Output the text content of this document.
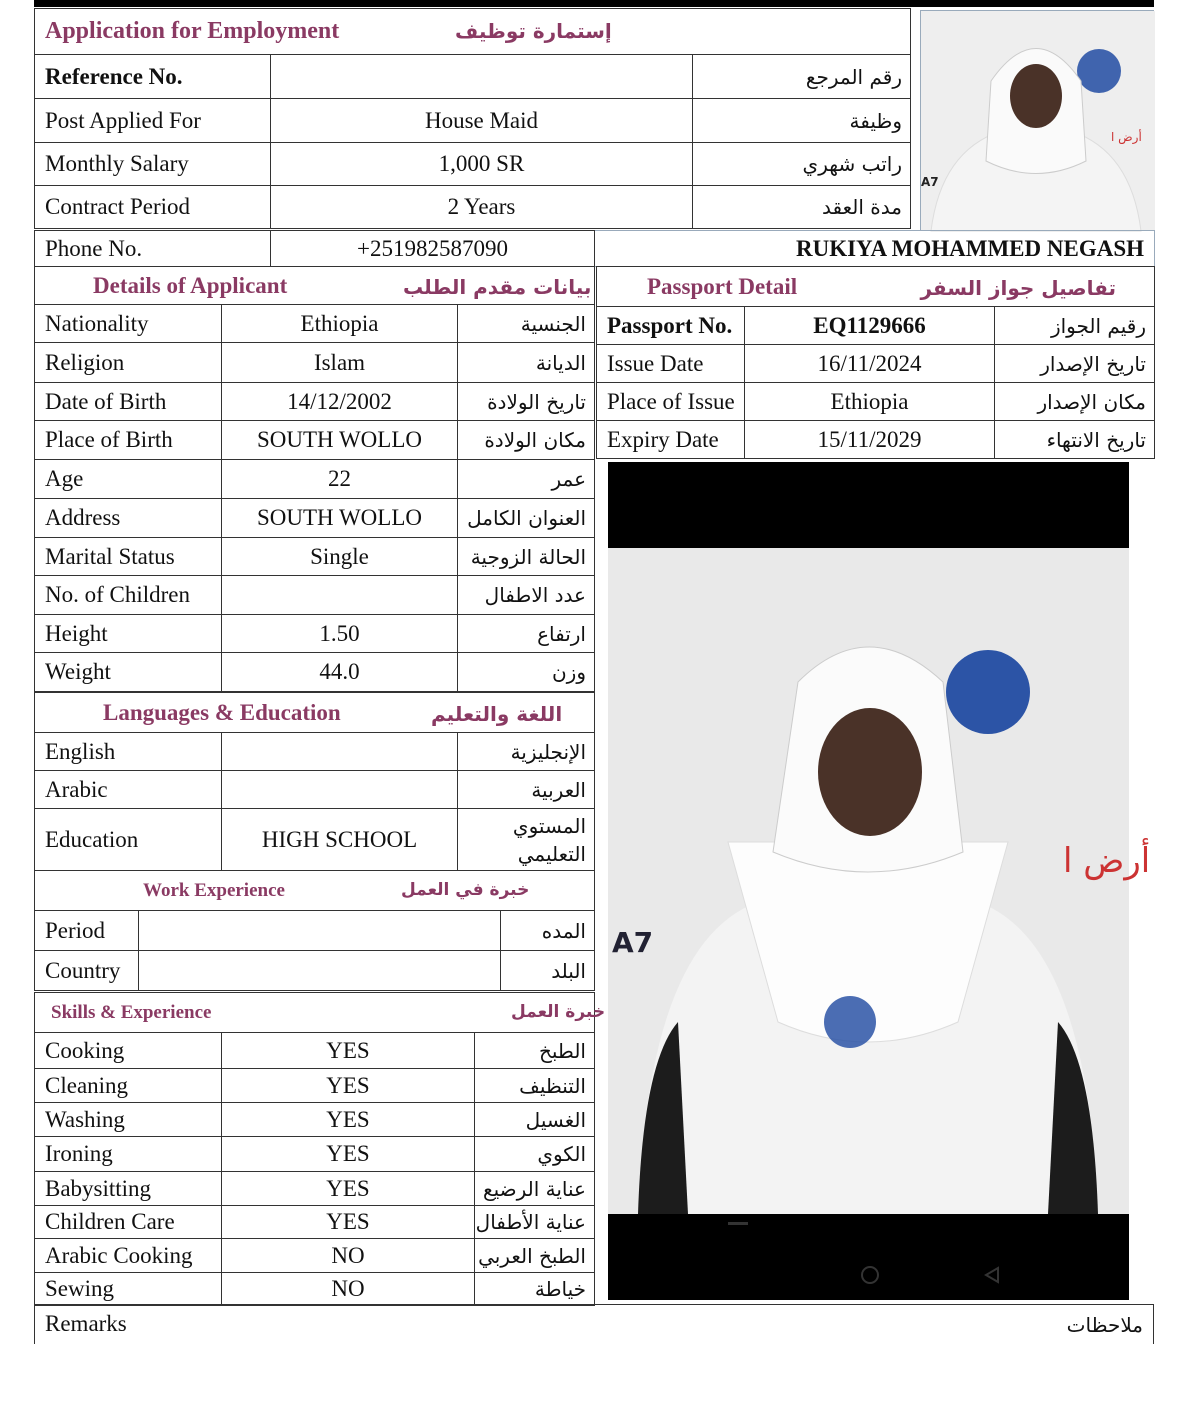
Application for Employment إستمارة توظيف		

Reference No.		رقم المرجع
Post Applied For	House Maid	وظيفة
Monthly Salary	1,000 SR	راتب شهري
Contract Period	2 Years	مدة العقد
أرض ا
A7
Phone No.	+251982587090	RUKIYA MOHAMMED NEGASH
Details of Applicant بيانات مقدم الطلب		

Nationality	Ethiopia	الجنسية
Religion	Islam	الديانة
Date of Birth	14/12/2002	تاريخ الولادة
Place of Birth	SOUTH WOLLO	مكان الولادة
Age	22	عمر
Address	SOUTH WOLLO	العنوان الكامل
Marital Status	Single	الحالة الزوجية
No. of Children		عدد الاطفال
Height	1.50	ارتفاع
Weight	44.0	وزن
Languages & Education اللغة والتعليم		

English		الإنجليزية
Arabic		العربية
Education	HIGH SCHOOL	المستوي التعليمي
Work Experience خبرة في العمل		

Period		المده
Country		البلد
Skills & Experience خبرة العمل		

Cooking	YES	الطبخ
Cleaning	YES	التنظيف
Washing	YES	الغسيل
Ironing	YES	الكوي
Babysitting	YES	عناية الرضيع
Children Care	YES	عناية الأطفال
Arabic Cooking	NO	الطبخ العربي
Sewing	NO	خياطة
Passport Detail تفاصيل جواز السفر		

Passport No.	EQ1129666	رقيم الجواز
Issue Date	16/11/2024	تاريخ الإصدار
Place of Issue	Ethiopia	مكان الإصدار
Expiry Date	15/11/2029	تاريخ الانتهاء
أرض ا
A7
Remarks	ملاحظات
